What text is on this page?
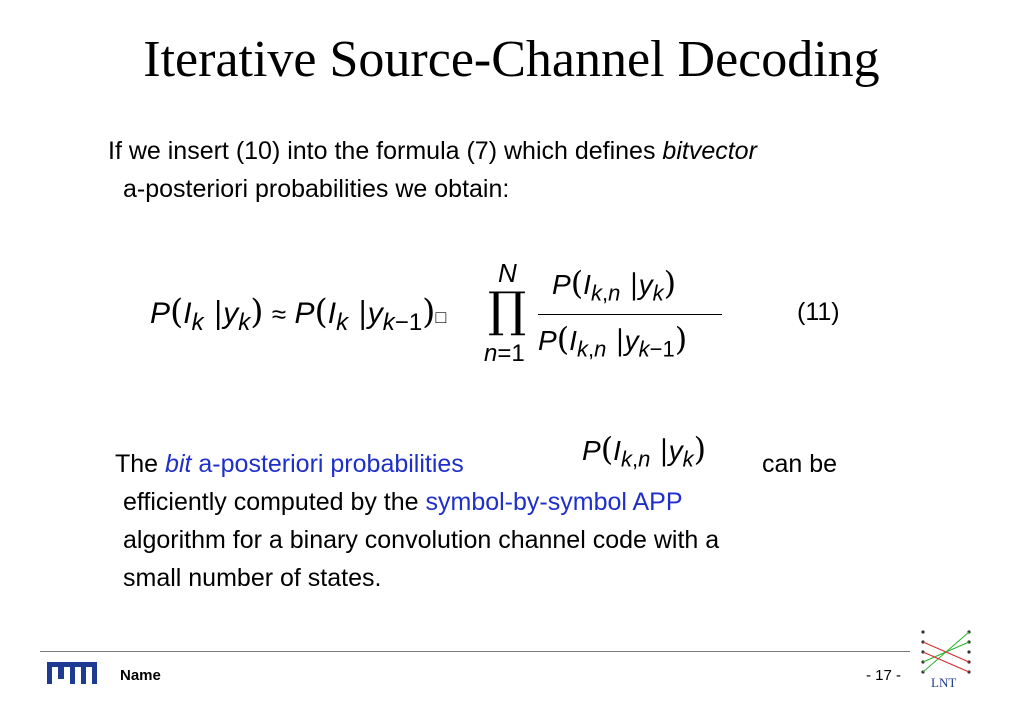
Iterative Source-Channel Decoding
If we insert (10) into the formula (7) which defines bitvector
a-posteriori probabilities we obtain:
$P(I_k$ $|y_k) \approx P(I_k$ $|y_{k-1})□$
N
∏
n=1
$P(I_{k,n}$ $|y_k$)
$P(I_{k,n}$ $|y_{k-1}$)
(11)
The bit a-posteriori probabilities	$P(I_{k,n}$ $|y_k$) can be
efficiently computed by the symbol-by-symbol APP
algorithm for a binary convolution channel code with a
small number of states.
TUM
Name	- 17 - LNT
